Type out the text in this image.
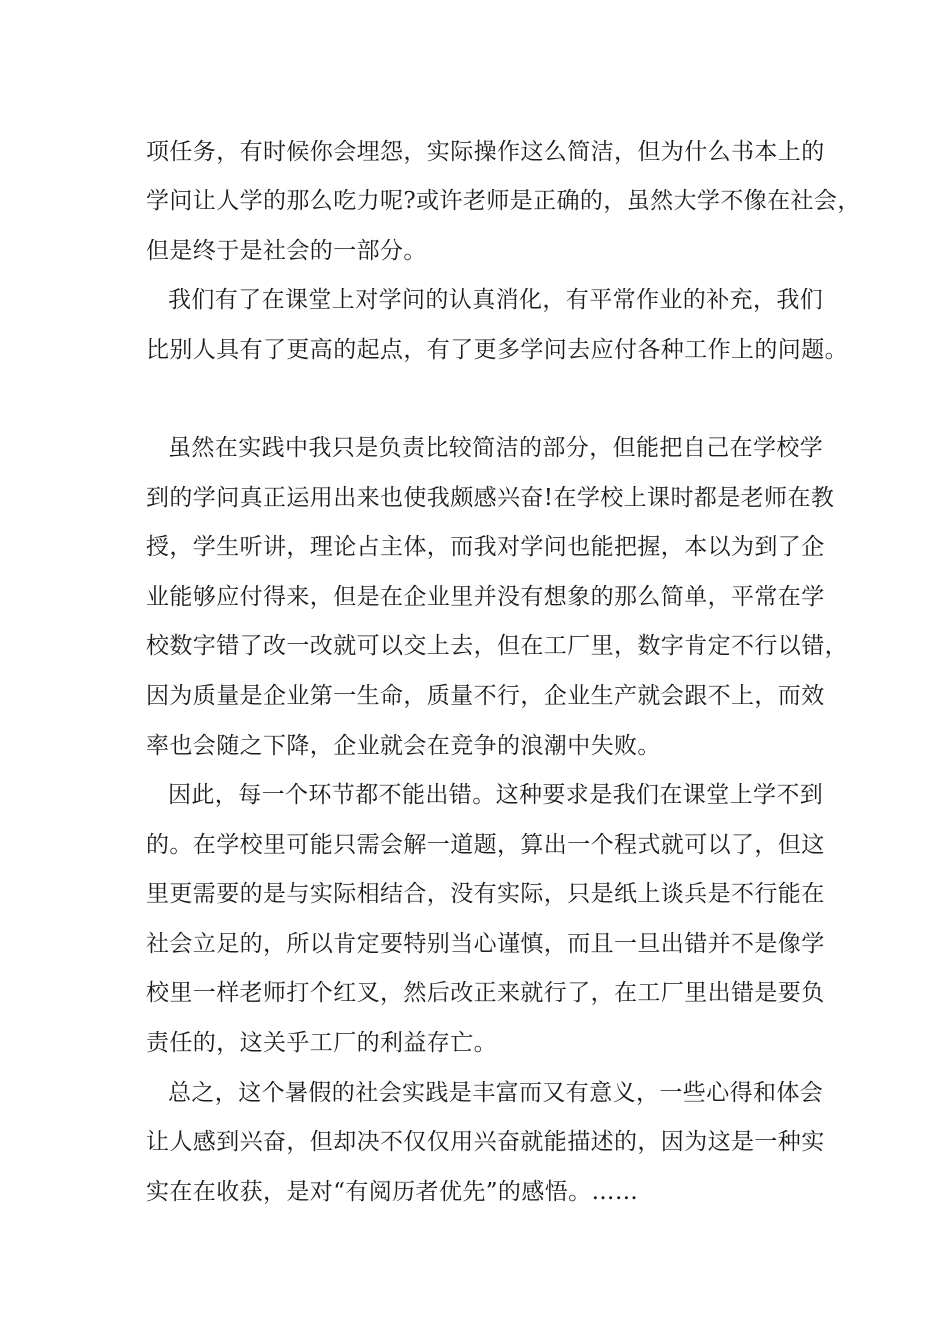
项任务，有时候你会埋怨，实际操作这么简洁，但为什么书本上的
学问让人学的那么吃力呢?或许老师是正确的，虽然大学不像在社会，
但是终于是社会的一部分。
我们有了在课堂上对学问的认真消化，有平常作业的补充，我们
比别人具有了更高的起点，有了更多学问去应付各种工作上的问题。
虽然在实践中我只是负责比较简洁的部分，但能把自己在学校学
到的学问真正运用出来也使我颇感兴奋!在学校上课时都是老师在教
授，学生听讲，理论占主体，而我对学问也能把握，本以为到了企
业能够应付得来，但是在企业里并没有想象的那么简单，平常在学
校数字错了改一改就可以交上去，但在工厂里，数字肯定不行以错，
因为质量是企业第一生命，质量不行，企业生产就会跟不上，而效
率也会随之下降，企业就会在竞争的浪潮中失败。
因此，每一个环节都不能出错。这种要求是我们在课堂上学不到
的。在学校里可能只需会解一道题，算出一个程式就可以了，但这
里更需要的是与实际相结合，没有实际，只是纸上谈兵是不行能在
社会立足的，所以肯定要特别当心谨慎，而且一旦出错并不是像学
校里一样老师打个红叉，然后改正来就行了，在工厂里出错是要负
责任的，这关乎工厂的利益存亡。
总之，这个暑假的社会实践是丰富而又有意义，一些心得和体会
让人感到兴奋，但却决不仅仅用兴奋就能描述的，因为这是一种实
实在在收获，是对“有阅历者优先”的感悟。……
